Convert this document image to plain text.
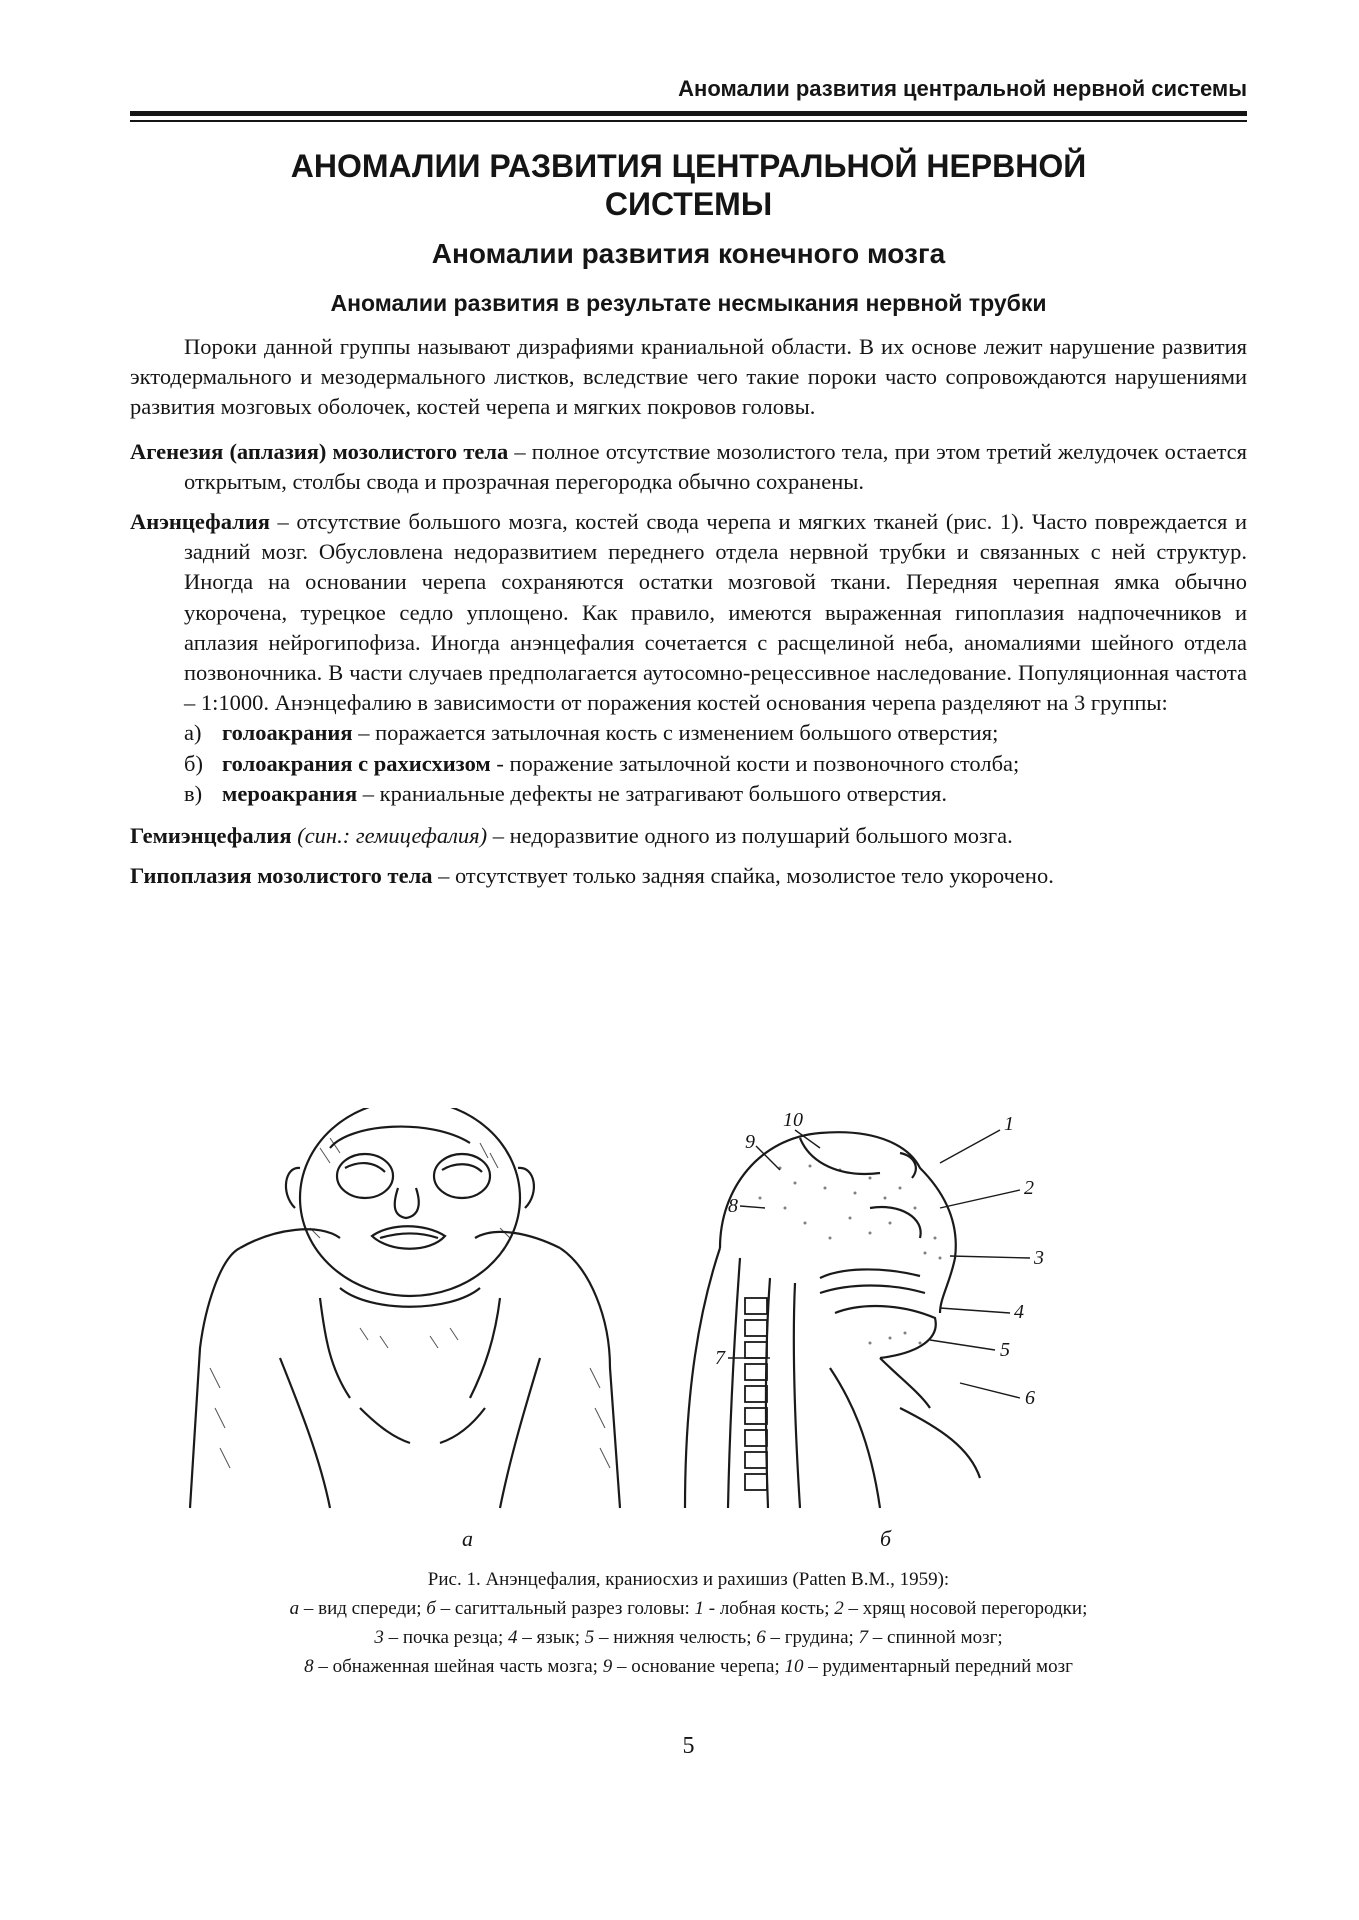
Аномалии развития центральной нервной системы
АНОМАЛИИ РАЗВИТИЯ ЦЕНТРАЛЬНОЙ НЕРВНОЙ СИСТЕМЫ
Аномалии развития конечного мозга
Аномалии развития в результате несмыкания нервной трубки

Пороки данной группы называют дизрафиями краниальной области. В их основе лежит нарушение развития эктодермального и мезодермального листков, вследствие чего такие пороки часто сопровождаются нарушениями развития мозговых оболочек, костей черепа и мягких покровов головы.

Агенезия (аплазия) мозолистого тела – полное отсутствие мозолистого тела, при этом третий желудочек остается открытым, столбы свода и прозрачная перегородка обычно сохранены.

Анэнцефалия – отсутствие большого мозга, костей свода черепа и мягких тканей (рис. 1). Часто повреждается и задний мозг. Обусловлена недоразвитием переднего отдела нервной трубки и связанных с ней структур. Иногда на основании черепа сохраняются остатки мозговой ткани. Передняя черепная ямка обычно укорочена, турецкое седло уплощено. Как правило, имеются выраженная гипоплазия надпочечников и аплазия нейрогипофиза. Иногда анэнцефалия сочетается с расщелиной неба, аномалиями шейного отдела позвоночника. В части случаев предполагается аутосомно-рецессивное наследование. Популяционная частота – 1:1000. Анэнцефалию в зависимости от поражения костей основания черепа разделяют на 3 группы:

а) голоакрания – поражается затылочная кость с изменением большого отверстия;
б) голоакрания с рахисхизом - поражение затылочной кости и позвоночного столба;
в) мероакрания – краниальные дефекты не затрагивают большого отверстия.

Гемиэнцефалия (син.: гемицефалия) – недоразвитие одного из полушарий большого мозга.

Гипоплазия мозолистого тела – отсутствует только задняя спайка, мозолистое тело укорочено.

10
9
8
1
2
3
4
5
6
7
а	б
Рис. 1. Анэнцефалия, краниосхиз и рахишиз (Patten B.M., 1959):
а – вид спереди; б – сагиттальный разрез головы: 1 - лобная кость; 2 – хрящ носовой перегородки;
3 – почка резца; 4 – язык; 5 – нижняя челюсть; 6 – грудина; 7 – спинной мозг;
8 – обнаженная шейная часть мозга; 9 – основание черепа; 10 – рудиментарный передний мозг
5
